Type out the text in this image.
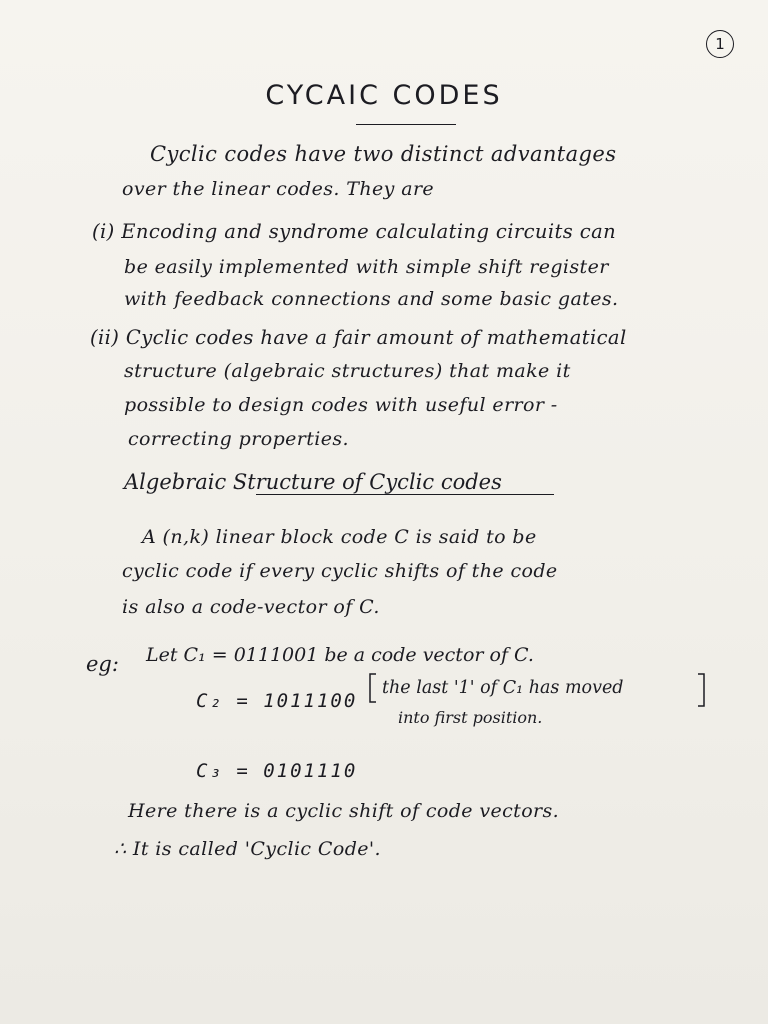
1
CYCAIC CODES
Cyclic codes have two distinct advantages
over the linear codes. They are
(i) Encoding and syndrome calculating circuits can
be easily implemented with simple shift register
with feedback connections and some basic gates.
(ii) Cyclic codes have a fair amount of mathematical
structure (algebraic structures) that make it
possible to design codes with useful error -
correcting properties.
Algebraic Structure of Cyclic codes
A (n,k) linear block code C is said to be
cyclic code if every cyclic shifts of the code
is also a code-vector of C.
eg: Let C₁ = 0111001 be a code vector of C.
C₂ = 1011100
the last '1' of C₁ has moved
into first position.
C₃ = 0101110
Here there is a cyclic shift of code vectors.
∴ It is called 'Cyclic Code'.
